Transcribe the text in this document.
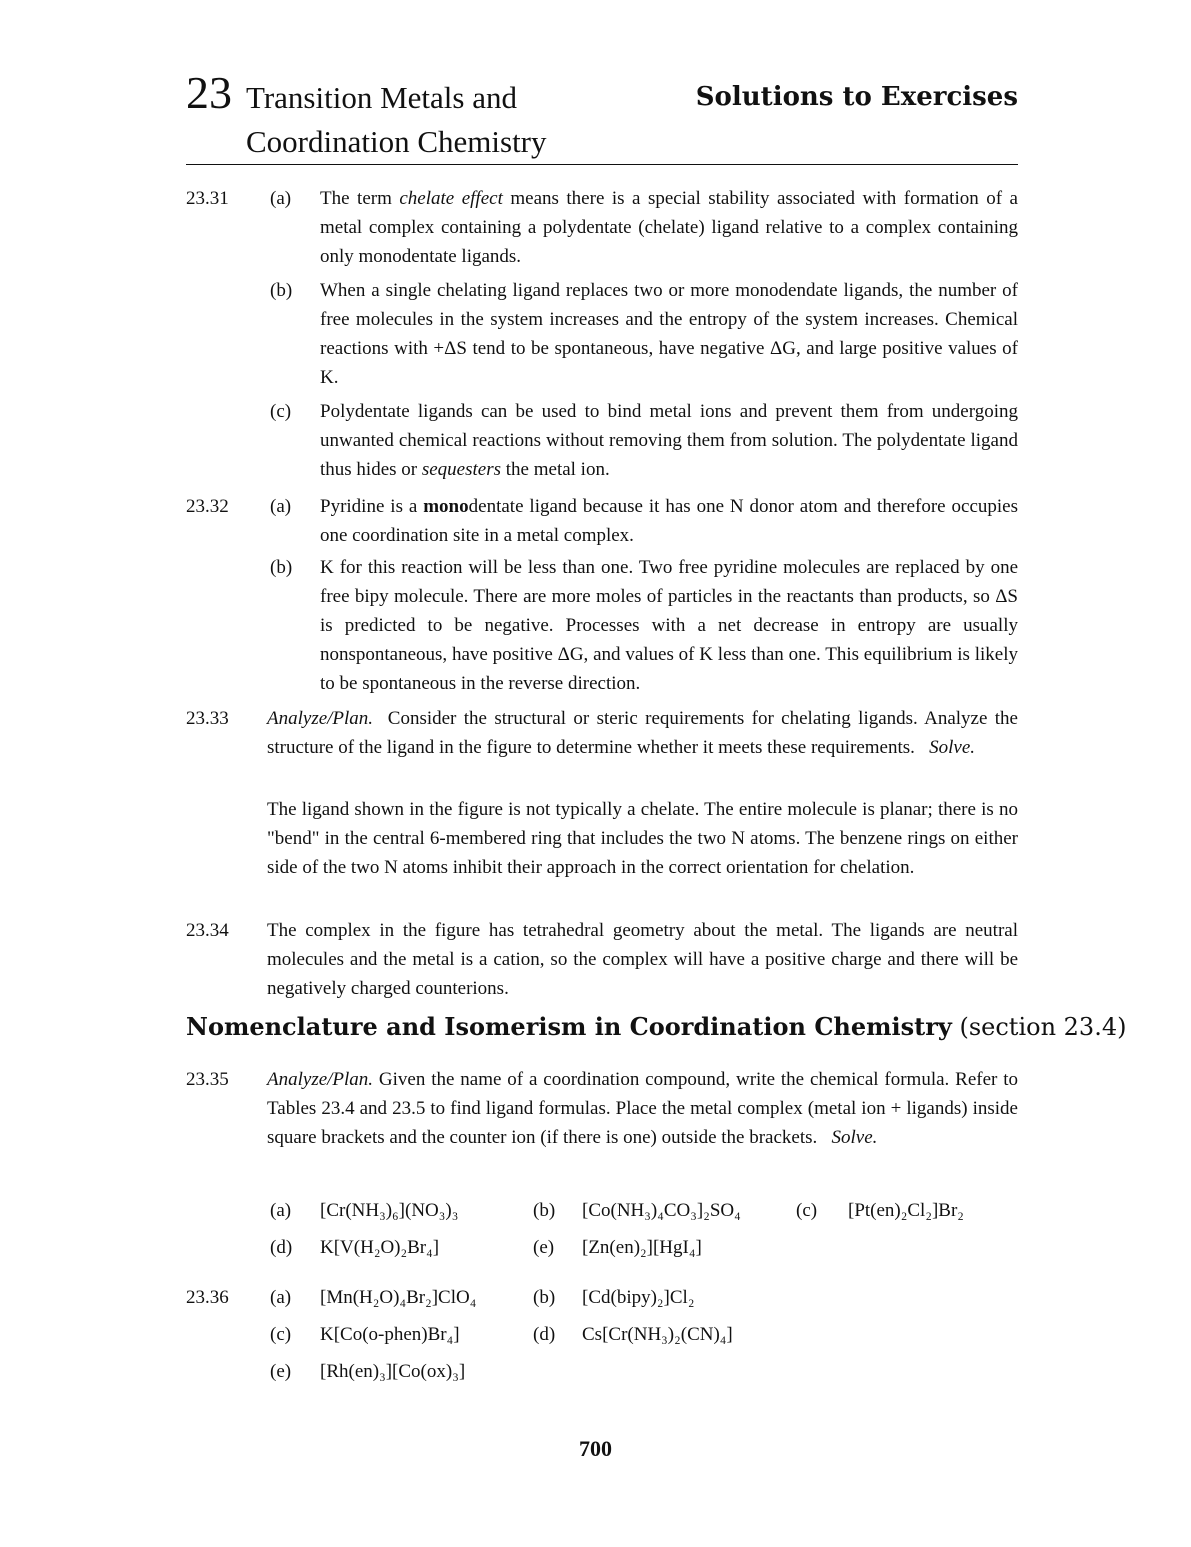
23 Transition Metals and
Coordination Chemistry
Solutions to Exercises
23.31 (a) The term chelate effect means there is a special stability associated with formation of a metal complex containing a polydentate (chelate) ligand relative to a complex containing only monodentate ligands.
(b) When a single chelating ligand replaces two or more monodendate ligands, the number of free molecules in the system increases and the entropy of the system increases. Chemical reactions with +ΔS tend to be spontaneous, have negative ΔG, and large positive values of K.
(c) Polydentate ligands can be used to bind metal ions and prevent them from undergoing unwanted chemical reactions without removing them from solution. The polydentate ligand thus hides or sequesters the metal ion.
23.32 (a) Pyridine is a monodentate ligand because it has one N donor atom and therefore occupies one coordination site in a metal complex.
(b) K for this reaction will be less than one. Two free pyridine molecules are replaced by one free bipy molecule. There are more moles of particles in the reactants than products, so ΔS is predicted to be negative. Processes with a net decrease in entropy are usually nonspontaneous, have positive ΔG, and values of K less than one. This equilibrium is likely to be spontaneous in the reverse direction.
23.33 Analyze/Plan.  Consider the structural or steric requirements for chelating ligands. Analyze the structure of the ligand in the figure to determine whether it meets these requirements.   Solve.
The ligand shown in the figure is not typically a chelate. The entire molecule is planar; there is no "bend" in the central 6-membered ring that includes the two N atoms. The benzene rings on either side of the two N atoms inhibit their approach in the correct orientation for chelation.
23.34 The complex in the figure has tetrahedral geometry about the metal. The ligands are neutral molecules and the metal is a cation, so the complex will have a positive charge and there will be negatively charged counterions.
Nomenclature and Isomerism in Coordination Chemistry (section 23.4)
23.35 Analyze/Plan. Given the name of a coordination compound, write the chemical formula. Refer to Tables 23.4 and 23.5 to find ligand formulas. Place the metal complex (metal ion + ligands) inside square brackets and the counter ion (if there is one) outside the brackets.   Solve.
(a) [Cr(NH₃)₆](NO₃)₃	(b) [Co(NH₃)₄CO₃]₂SO₄	(c) [Pt(en)₂Cl₂]Br₂
(d) K[V(H₂O)₂Br₄]	(e) [Zn(en)₂][HgI₄]
23.36 (a) [Mn(H₂O)₄Br₂]ClO₄	(b) [Cd(bipy)₂]Cl₂
(c) K[Co(o-phen)Br₄]	(d) Cs[Cr(NH₃)₂(CN)₄]
(e) [Rh(en)₃][Co(ox)₃]
700
